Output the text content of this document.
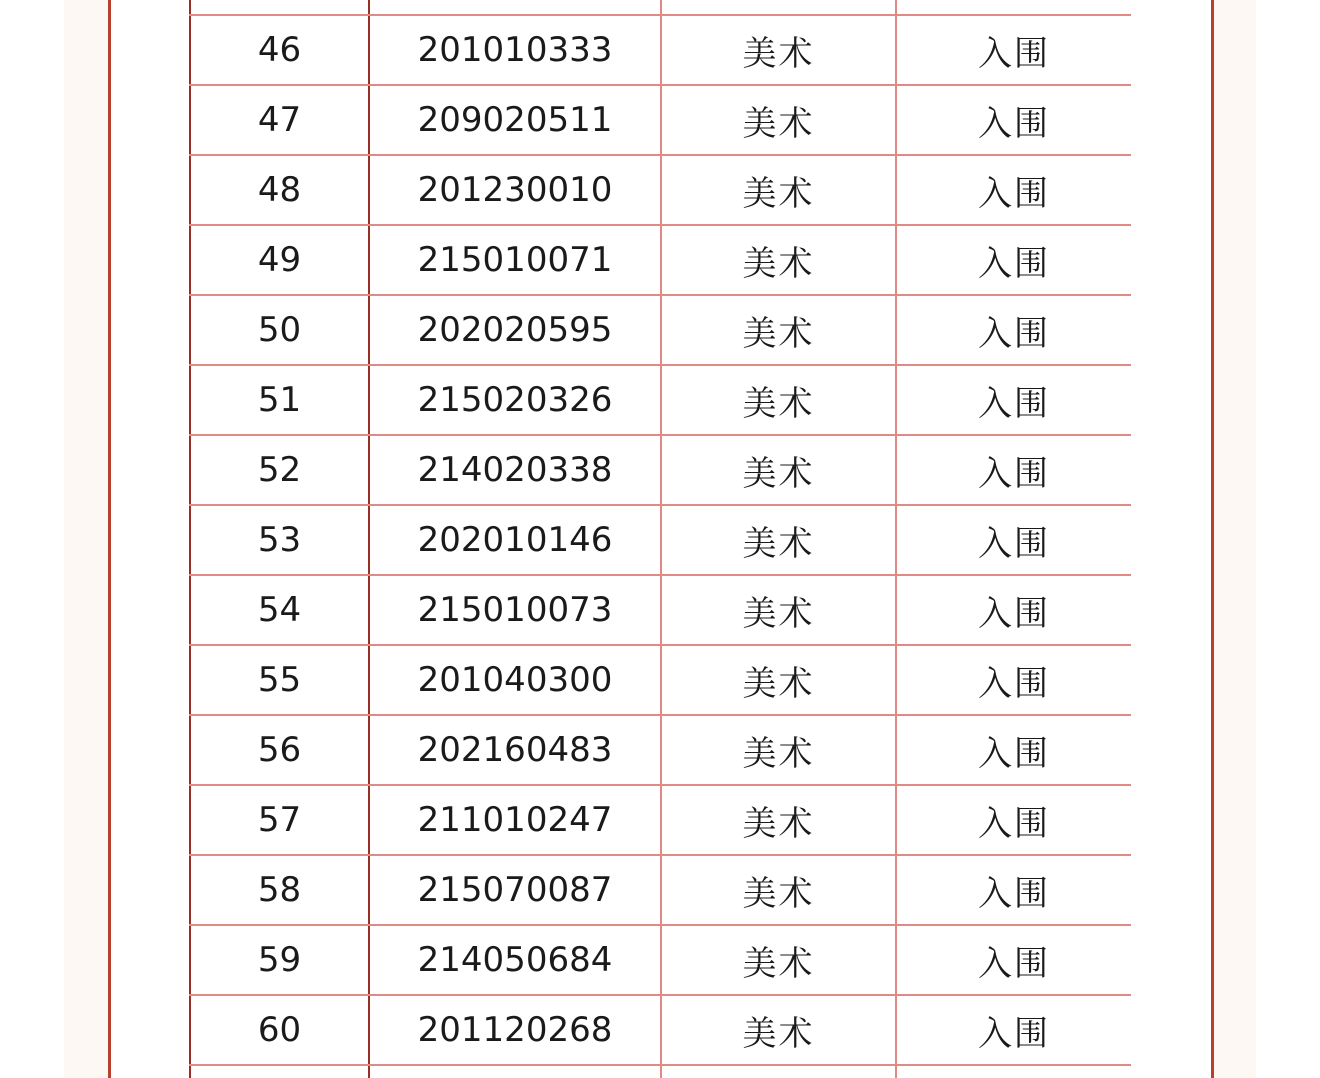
46	201010333	美术	入围
47	209020511	美术	入围
48	201230010	美术	入围
49	215010071	美术	入围
50	202020595	美术	入围
51	215020326	美术	入围
52	214020338	美术	入围
53	202010146	美术	入围
54	215010073	美术	入围
55	201040300	美术	入围
56	202160483	美术	入围
57	211010247	美术	入围
58	215070087	美术	入围
59	214050684	美术	入围
60	201120268	美术	入围
